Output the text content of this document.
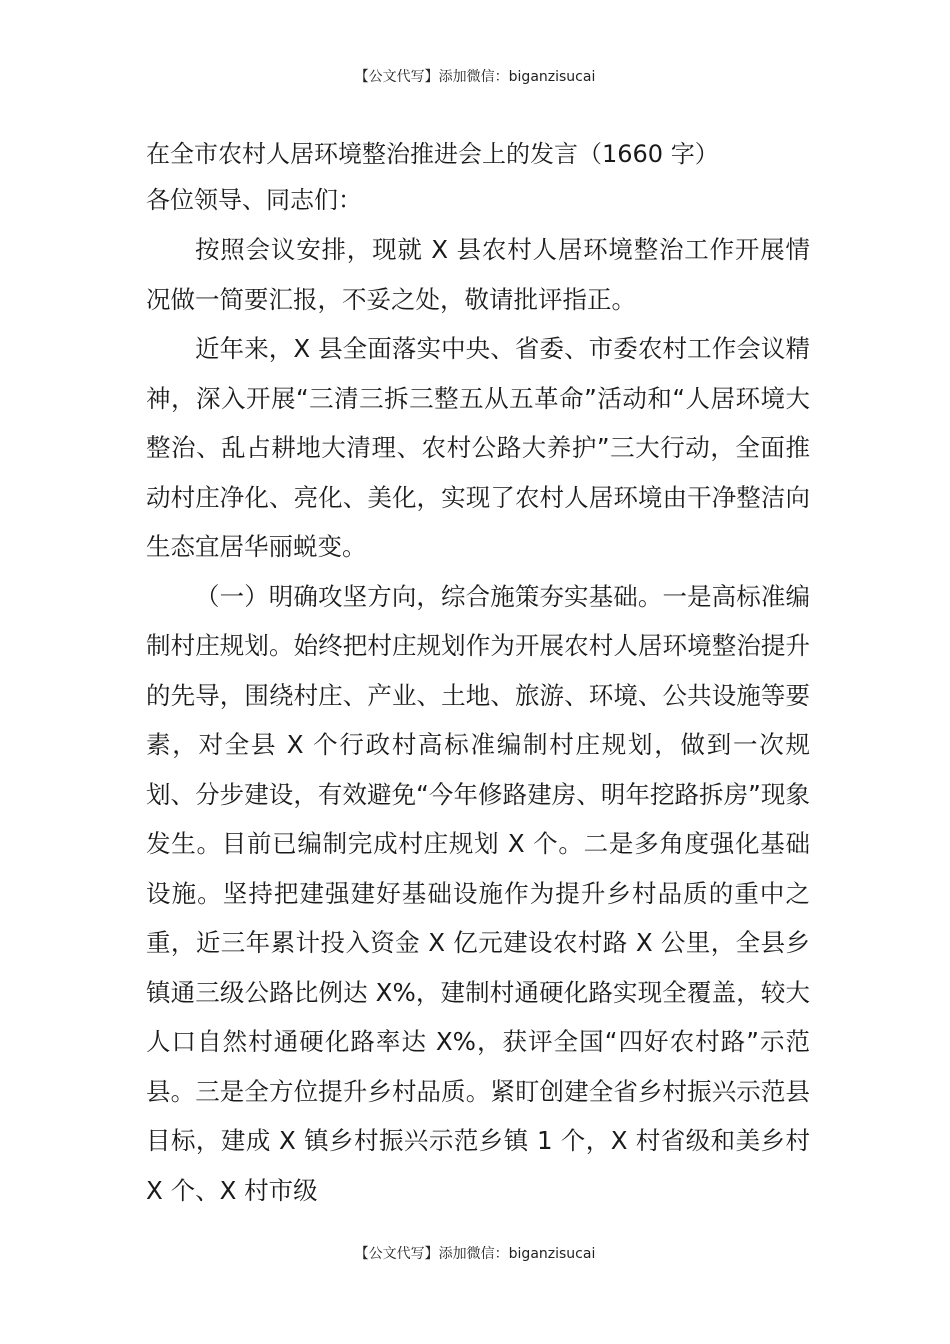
【公文代写】添加微信：biganzisucai

在全市农村人居环境整治推进会上的发言（1660 字）

各位领导、同志们：

按照会议安排，现就 X 县农村人居环境整治工作开展情况做一简要汇报，不妥之处，敬请批评指正。

近年来，X 县全面落实中央、省委、市委农村工作会议精神，深入开展“三清三拆三整五从五革命”活动和“人居环境大整治、乱占耕地大清理、农村公路大养护”三大行动，全面推动村庄净化、亮化、美化，实现了农村人居环境由干净整洁向生态宜居华丽蜕变。

（一）明确攻坚方向，综合施策夯实基础。一是高标准编制村庄规划。始终把村庄规划作为开展农村人居环境整治提升的先导，围绕村庄、产业、土地、旅游、环境、公共设施等要素，对全县 X 个行政村高标准编制村庄规划，做到一次规划、分步建设，有效避免“今年修路建房、明年挖路拆房”现象发生。目前已编制完成村庄规划 X 个。二是多角度强化基础设施。坚持把建强建好基础设施作为提升乡村品质的重中之重，近三年累计投入资金 X 亿元建设农村路 X 公里，全县乡镇通三级公路比例达 X%，建制村通硬化路实现全覆盖，较大人口自然村通硬化路率达 X%，获评全国“四好农村路”示范县。三是全方位提升乡村品质。紧盯创建全省乡村振兴示范县目标，建成 X 镇乡村振兴示范乡镇 1 个，X 村省级和美乡村 X 个、X 村市级

【公文代写】添加微信：biganzisucai
